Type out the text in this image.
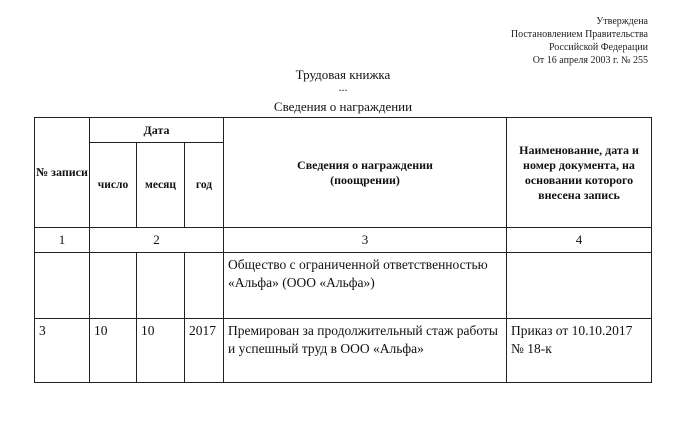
Утверждена
Постановлением Правительства
Российской Федерации
От 16 апреля 2003 г. № 255
Трудовая книжка
...
Сведения о награждении
№ записи	Дата			Сведения о награждении (поощрении)	Наименование, дата и номер документа, на основании которого внесена запись

	число	месяц	год		
1	2			3	4
				Общество с ограниченной ответственностью «Альфа» (ООО «Альфа»)	
3	10	10	2017	Премирован за продолжительный стаж работы и успешный труд в ООО «Альфа»	Приказ от 10.10.2017 № 18-к
